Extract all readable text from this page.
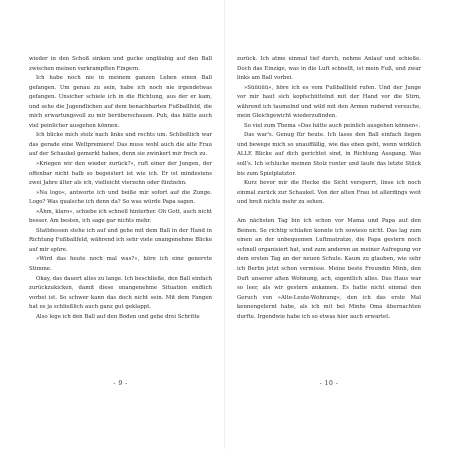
wieder in den Schoß sinken und gucke ungläubig auf den Ball zwischen meinen verkrampften Fingern.

Ich habe noch nie in meinem ganzen Leben einen Ball gefangen. Um genau zu sein, habe ich noch nie irgendetwas gefangen. Unsicher schiele ich in die Richtung, aus der er kam, und sehe die Jugendlichen auf dem benachbarten Fußballfeld, die mich erwartungsvoll zu mir herüberschauen. Puh, das hätte auch viel peinlicher ausgehen können.

Ich blicke mich stolz nach links und rechts um. Schließlich war das gerade eine Weltpremiere! Das muss wohl auch die alte Frau auf der Schaukel gemerkt haben, denn sie zwinkert mir frech zu.

»Kriegen wir den wieder zurück?«, ruft einer der Jungen, der offenbar nicht halb so begeistert ist wie ich. Er ist mindestens zwei Jahre älter als ich, vielleicht vierzehn oder fünfzehn.

»Na logo«, antworte ich und beiße mir sofort auf die Zunge. Logo? Was qualsche ich denn da? So was würde Papa sagen.

»Ähm, klaro«, schiebe ich schnell hinterher. Oh Gott, auch nicht besser. Am besten, ich sage gar nichts mehr.

Stattdessen stehe ich auf und gehe mit dem Ball in der Hand in Richtung Fußballfeld, während ich sehr viele unangenehme Blicke auf mir spüre.

»Wird das heute noch mal was?«, höre ich eine genervte Stimme.

Okay, das dauert alles zu lange. Ich beschließe, den Ball einfach zurückzukicken, damit diese unangenehme Situation endlich vorbei ist. So schwer kann das doch nicht sein. Mit dem Fangen hat es ja schließlich auch ganz gut geklappt.

Also lege ich den Ball auf den Boden und gehe drei Schritte

- 9 -

zurück. Ich atme einmal tief durch, nehme Anlauf und schieße. Doch das Einzige, was in die Luft schnellt, ist mein Fuß, und zwar links am Ball vorbei.

»Süüüüü«, höre ich es vom Fußballfeld rufen. Und der Junge vor mir haut sich kopfschüttelnd mit der Hand vor die Stirn, während ich taumelnd und wild mit den Armen rudernd versuche, mein Gleichgewicht wiederzufinden.

So viel zum Thema »Das hätte auch peinlich ausgehen können«.

Das war's. Genug für heute. Ich lasse den Ball einfach liegen und bewege mich so unauffällig, wie das eben geht, wenn wirklich ALLE Blicke auf dich gerichtet sind, in Richtung Ausgang. Was soll's. Ich schlucke meinen Stolz runter und laufe das letzte Stück bis zum Spielplatztor.

Kurz bevor mir die Hecke die Sicht versperrt, linse ich noch einmal zurück zur Schaukel. Von der alten Frau ist allerdings weit und breit nichts mehr zu sehen.

Am nächsten Tag bin ich schon vor Mama und Papa auf den Beinen. So richtig schlafen konnte ich sowieso nicht. Das lag zum einen an der unbequemen Luftmatratze, die Papa gestern noch schnell organisiert hat, und zum anderen an meiner Aufregung vor dem ersten Tag an der neuen Schule. Kaum zu glauben, wie sehr ich Berlin jetzt schon vermisse. Meine beste Freundin Minh, den Duft unserer alten Wohnung, ach, eigentlich alles. Das Haus war so leer, als wir gestern ankamen. Es hatte nicht einmal den Geruch von »Alte-Leute-Wohnung«, den ich das erste Mal kennengelernt habe, als ich mit bei Minhs Oma übernachten durfte. Irgendwie habe ich so etwas hier auch erwartet.

- 10 -
